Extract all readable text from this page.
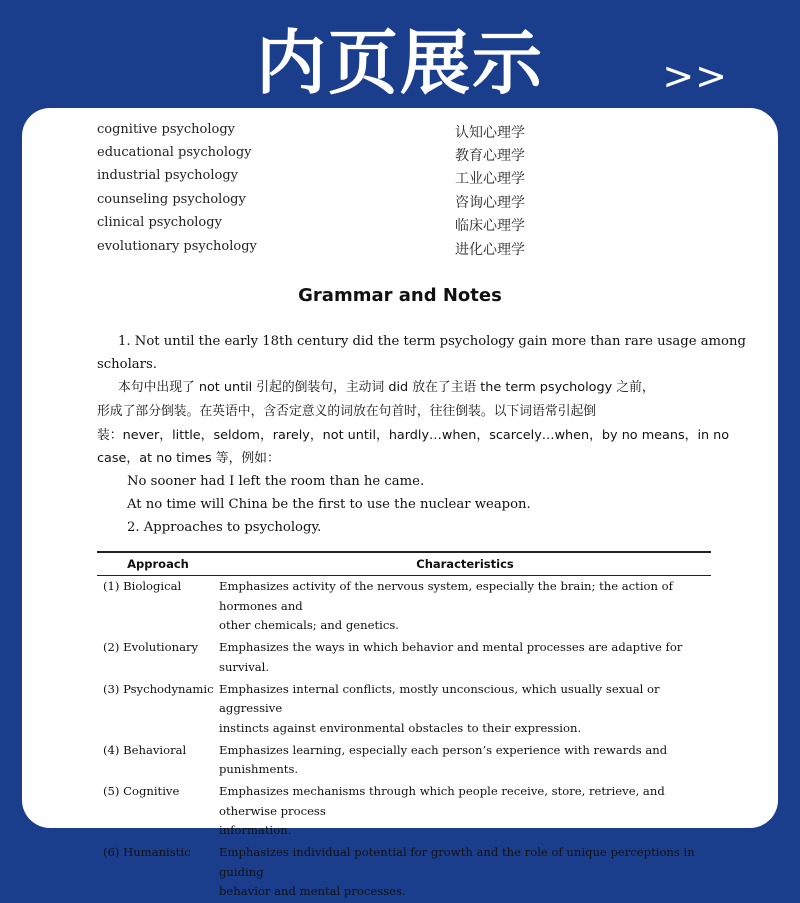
内页展示	>>
cognitive psychology	认知心理学
educational psychology	教育心理学
industrial psychology	工业心理学
counseling psychology	咨询心理学
clinical psychology	临床心理学
evolutionary psychology	进化心理学
Grammar and Notes
1. Not until the early 18th century did the term psychology gain more than rare usage among
scholars.
本句中出现了 not until 引起的倒装句，主动词 did 放在了主语 the term psychology 之前，
形成了部分倒装。在英语中，含否定意义的词放在句首时，往往倒装。以下词语常引起倒
装：never，little，seldom，rarely，not until，hardly…when，scarcely…when，by no means，in no
case，at no times 等，例如：
No sooner had I left the room than he came.
At no time will China be the first to use the nuclear weapon.
2. Approaches to psychology.
Approach	Characteristics
(1) Biological	Emphasizes activity of the nervous system, especially the brain; the action of hormones and
other chemicals; and genetics.

(2) Evolutionary	Emphasizes the ways in which behavior and mental processes are adaptive for survival.

(3) Psychodynamic	Emphasizes internal conflicts, mostly unconscious, which usually sexual or aggressive
instincts against environmental obstacles to their expression.

(4) Behavioral	Emphasizes learning, especially each person’s experience with rewards and punishments.

(5) Cognitive	Emphasizes mechanisms through which people receive, store, retrieve, and otherwise process
information.

(6) Humanistic	Emphasizes individual potential for growth and the role of unique perceptions in guiding
behavior and mental processes.
